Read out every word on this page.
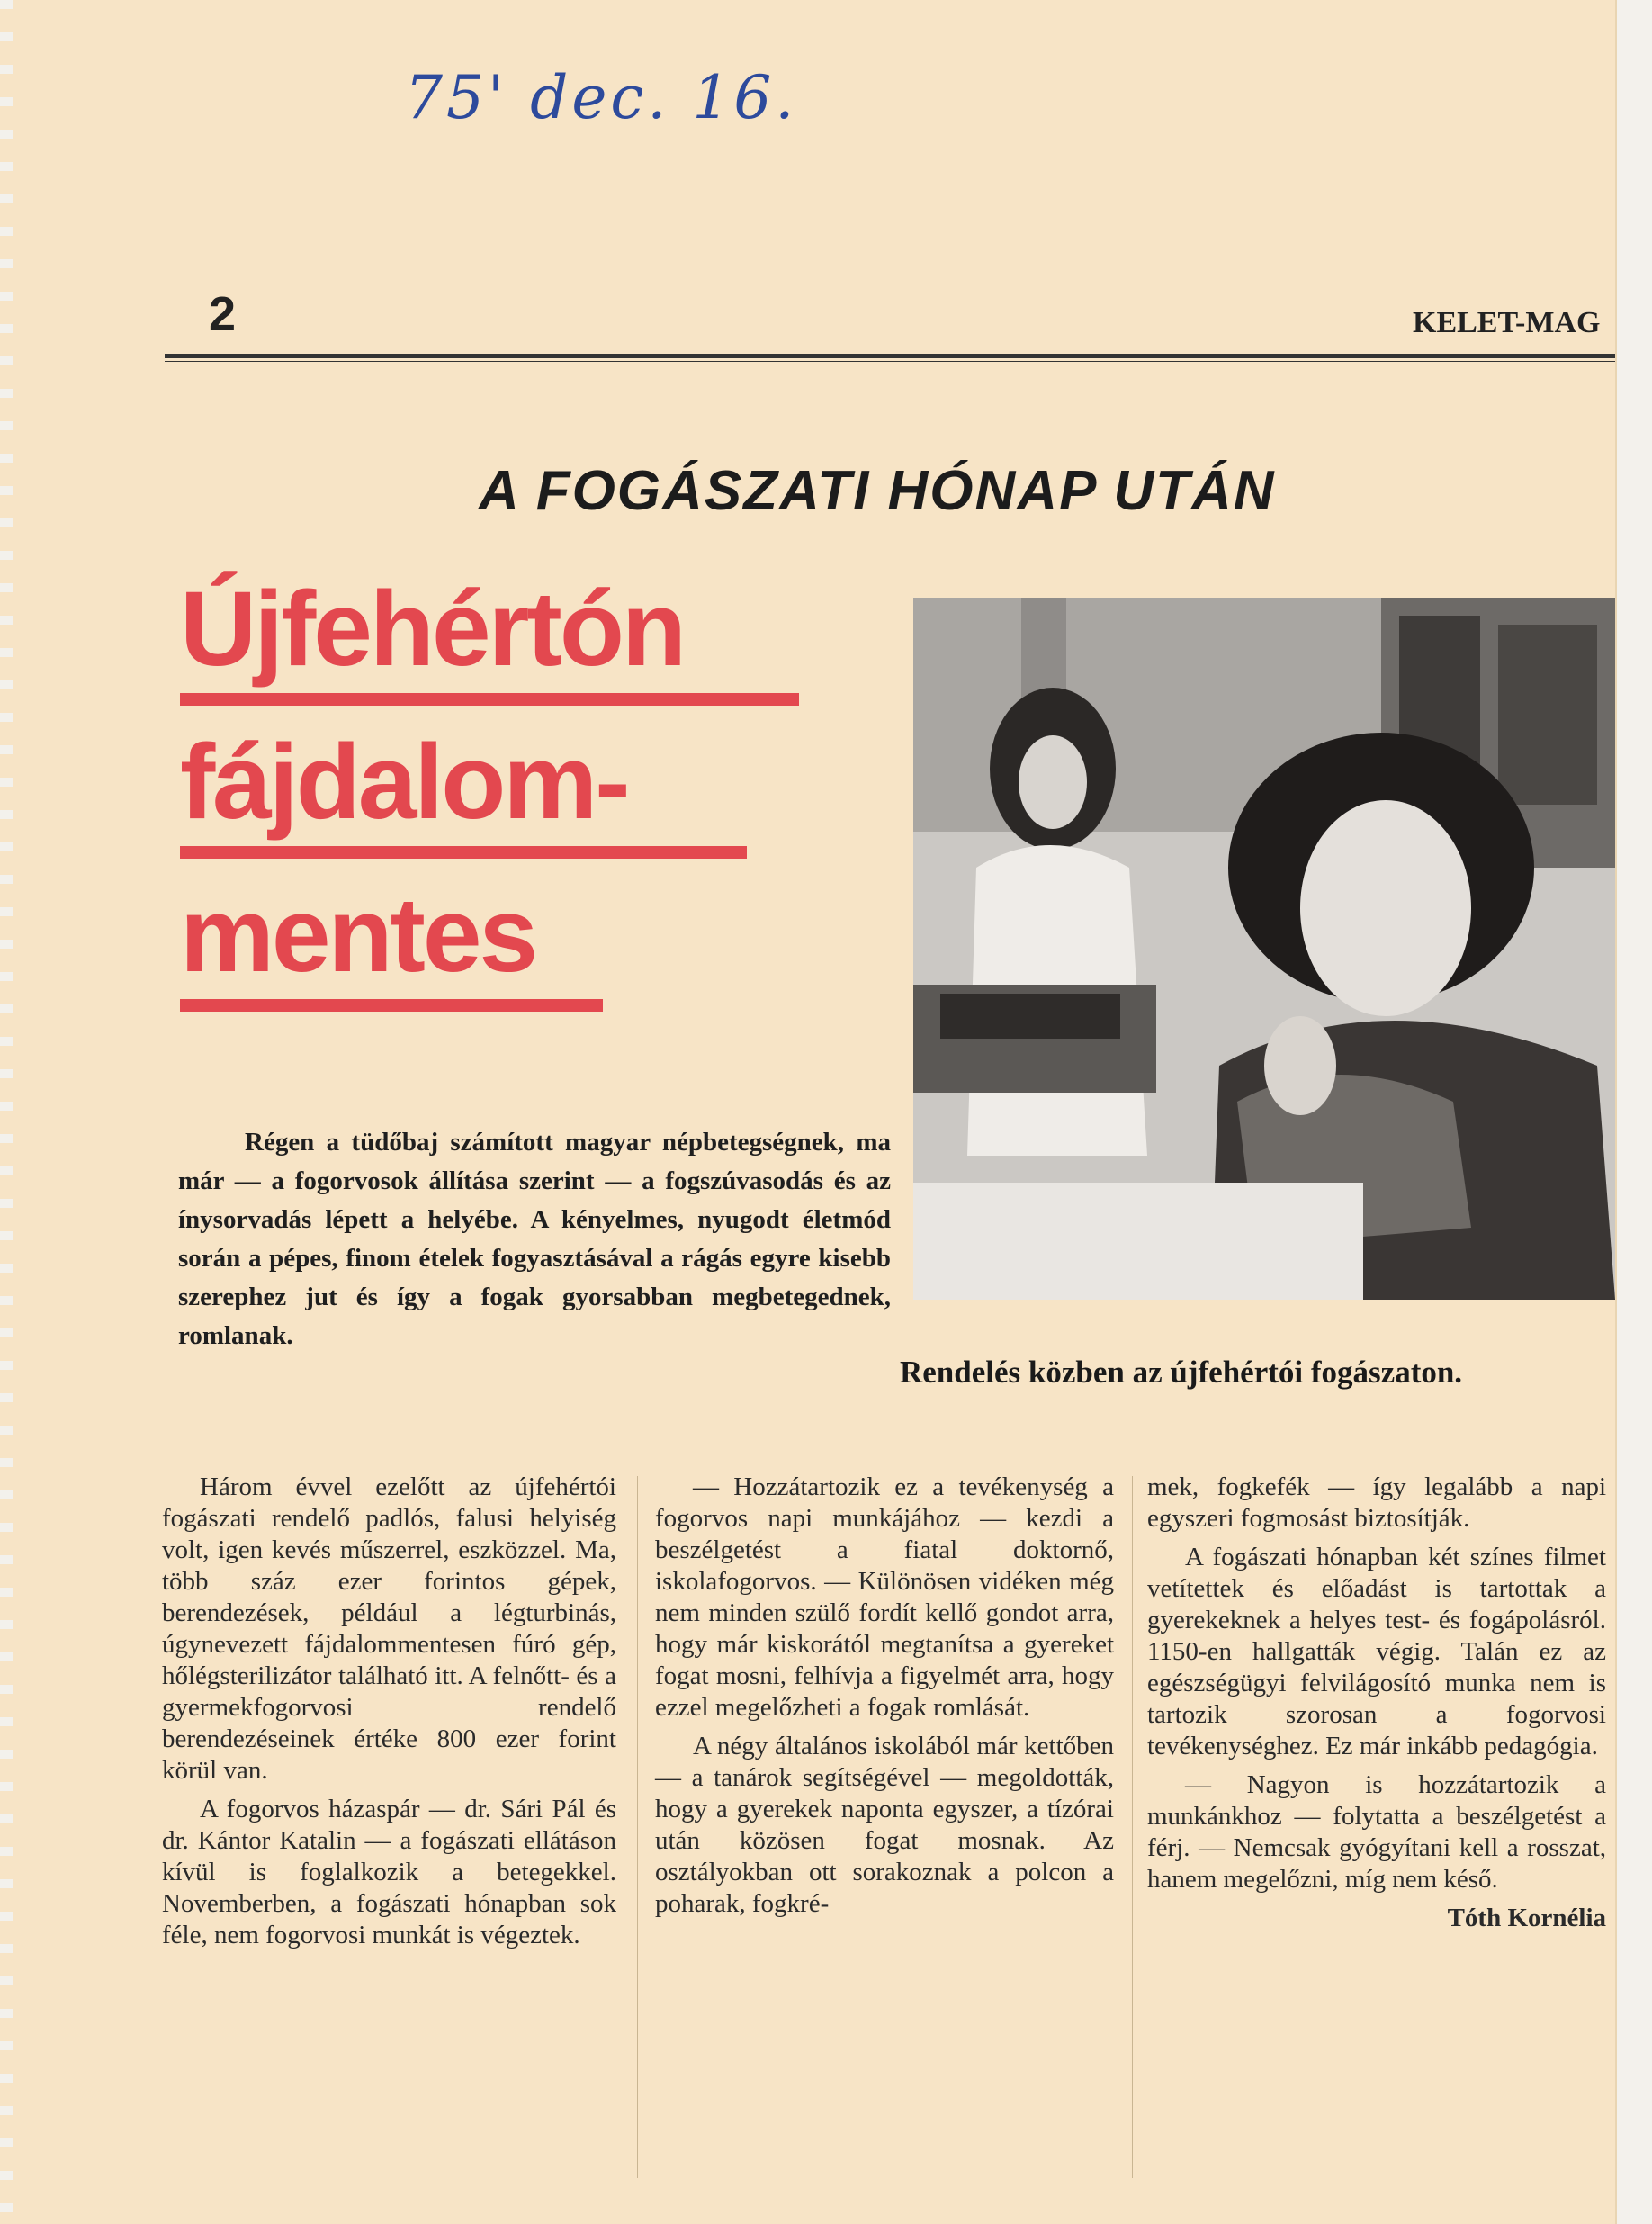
75' dec. 16.
2	KELET-MAG
A FOGÁSZATI HÓNAP UTÁN
Újfehértón
fájdalom-
mentes
Rendelés közben az újfehértói fogászaton.
Régen a tüdőbaj számított magyar népbetegségnek, ma már — a fogorvosok állítása szerint — a fogszúvasodás és az ínysorvadás lépett a helyébe. A kényelmes, nyugodt életmód során a pépes, finom ételek fogyasztásával a rágás egyre kisebb szerephez jut és így a fogak gyorsabban megbetegednek, romlanak.

Három évvel ezelőtt az újfehértói fogászati rendelő padlós, falusi helyiség volt, igen kevés műszerrel, eszközzel. Ma, több száz ezer forintos gépek, berendezések, például a légturbinás, úgynevezett fájdalommentesen fúró gép, hőlégsterilizátor található itt. A felnőtt- és a gyermekfogorvosi rendelő berendezéseinek értéke 800 ezer forint körül van.

A fogorvos házaspár — dr. Sári Pál és dr. Kántor Katalin — a fogászati ellátáson kívül is foglalkozik a betegekkel. Novemberben, a fogászati hónapban sok féle, nem fogorvosi munkát is végeztek.

— Hozzátartozik ez a tevékenység a fogorvos napi munkájához — kezdi a beszélgetést a fiatal doktornő, iskolafogorvos. — Különösen vidéken még nem minden szülő fordít kellő gondot arra, hogy már kiskorától megtanítsa a gyereket fogat mosni, felhívja a figyelmét arra, hogy ezzel megelőzheti a fogak romlását.

A négy általános iskolából már kettőben — a tanárok segítségével — megoldották, hogy a gyerekek naponta egyszer, a tízórai után közösen fogat mosnak. Az osztályokban ott sorakoznak a polcon a poharak, fogkré-

mek, fogkefék — így legalább a napi egyszeri fogmosást biztosítják.

A fogászati hónapban két színes filmet vetítettek és előadást is tartottak a gyerekeknek a helyes test- és fogápolásról. 1150-en hallgatták végig. Talán ez az egészségügyi felvilágosító munka nem is tartozik szorosan a fogorvosi tevékenységhez. Ez már inkább pedagógia.

— Nagyon is hozzátartozik a munkánkhoz — folytatta a beszélgetést a férj. — Nemcsak gyógyítani kell a rosszat, hanem megelőzni, míg nem késő.

Tóth Kornélia
